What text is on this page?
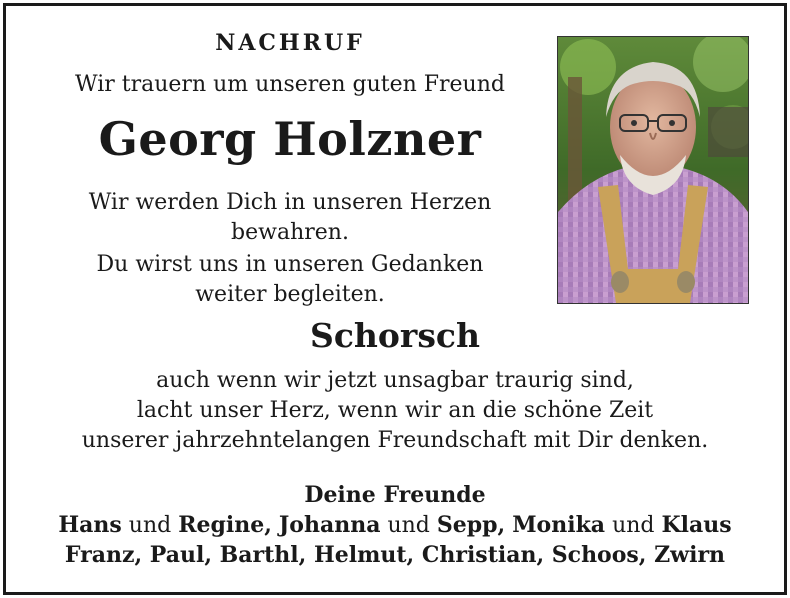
NACHRUF
Wir trauern um unseren guten Freund
Georg Holzner
Wir werden Dich in unseren Herzen
bewahren.
Du wirst uns in unseren Gedanken
weiter begleiten.
Schorsch
auch wenn wir jetzt unsagbar traurig sind,
lacht unser Herz, wenn wir an die schöne Zeit
unserer jahrzehntelangen Freundschaft mit Dir denken.
Deine Freunde
Hans und Regine, Johanna und Sepp, Monika und Klaus
Franz, Paul, Barthl, Helmut, Christian, Schoos, Zwirn
